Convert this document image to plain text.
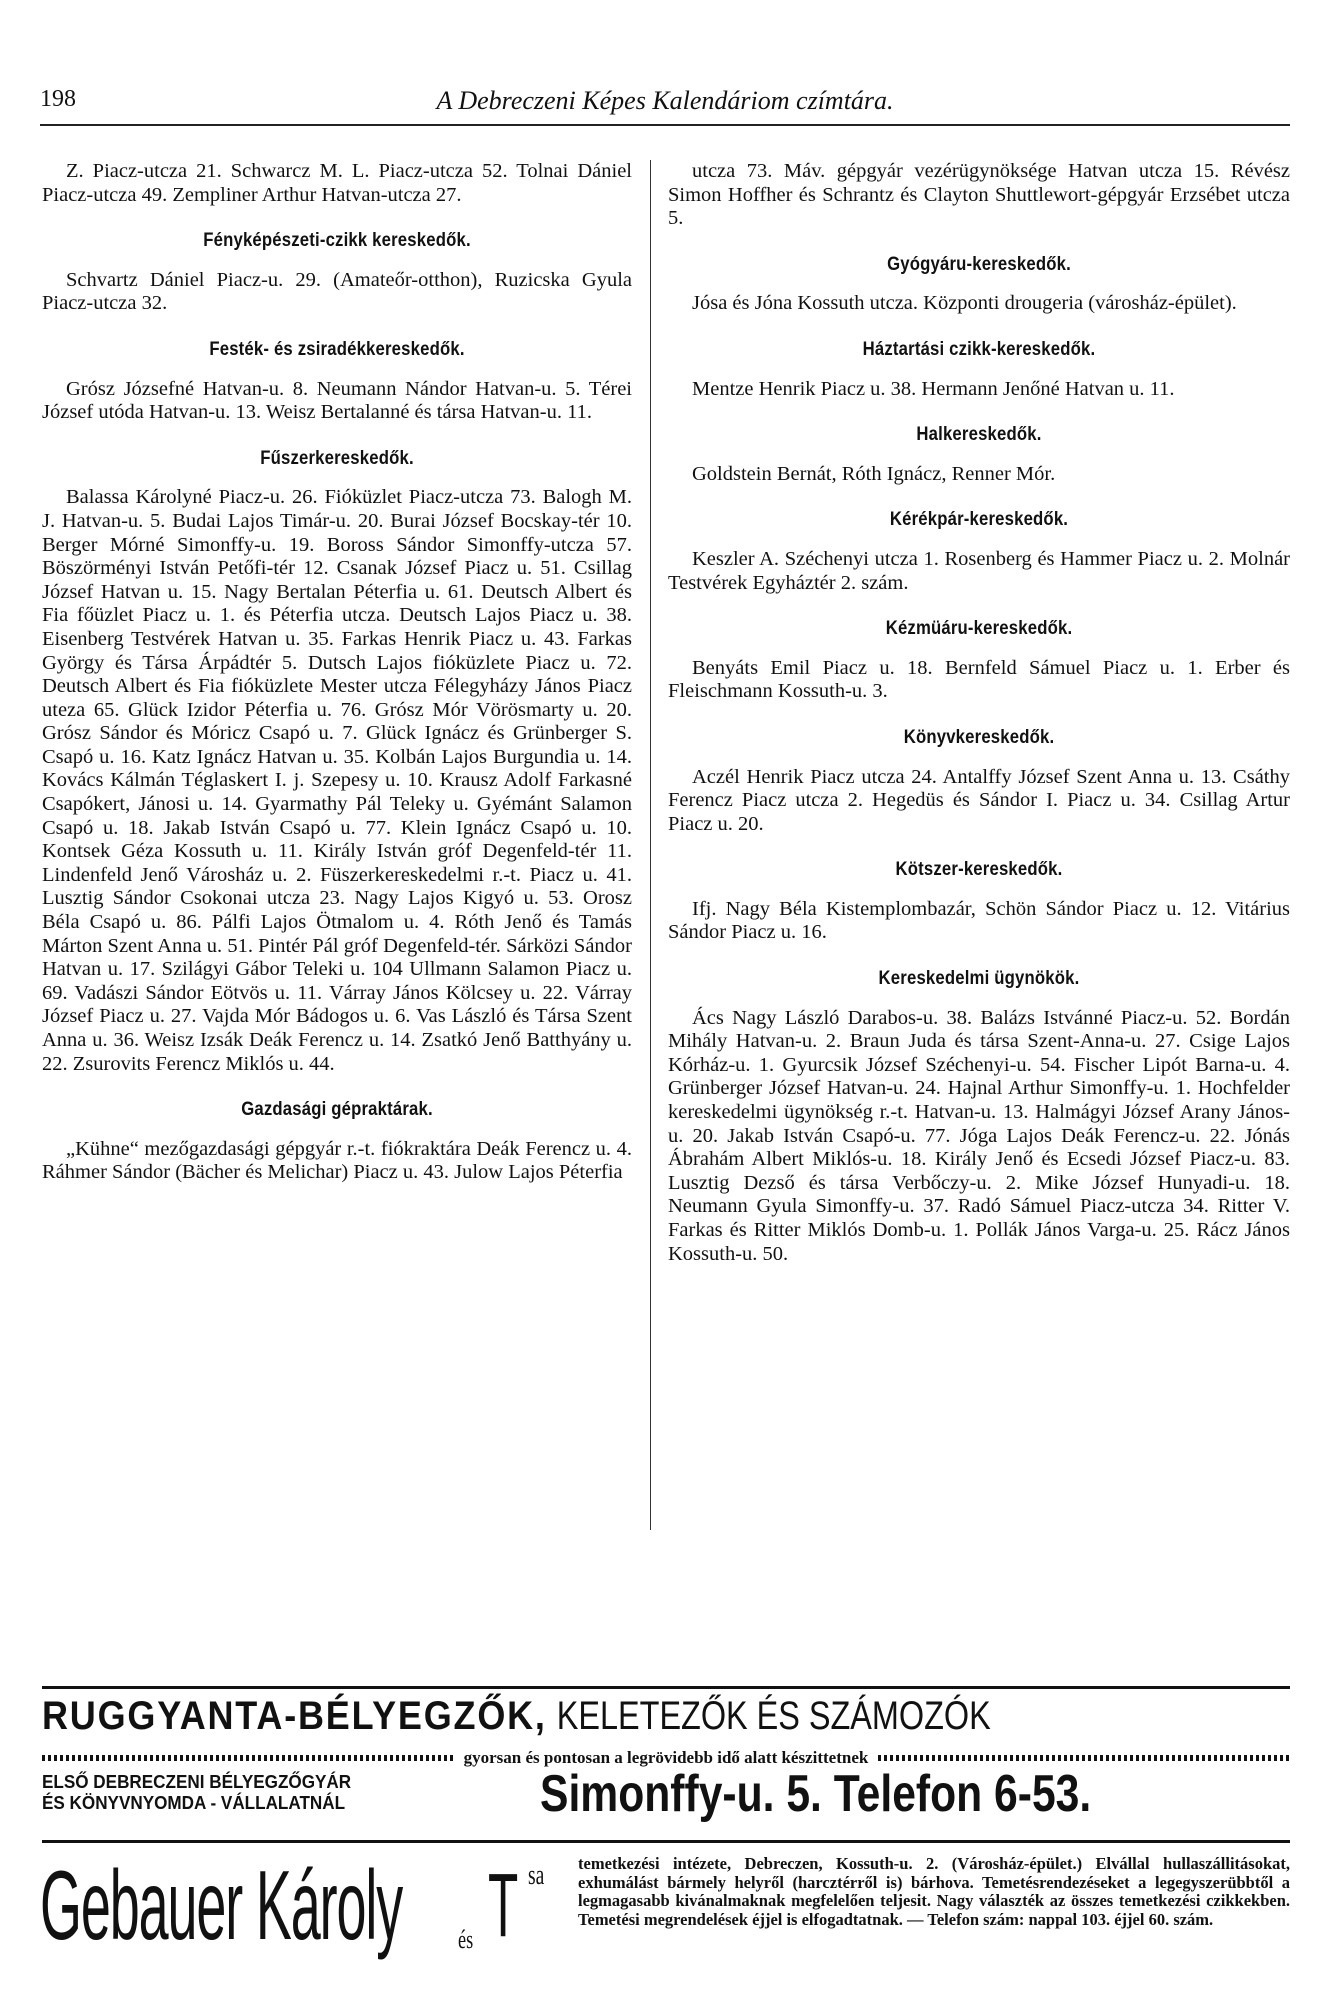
198	A Debreczeni Képes Kalendáriom czímtára.

Z. Piacz-utcza 21. Schwarcz M. L. Piacz-utcza 52. Tolnai Dániel Piacz-utcza 49. Zempliner Arthur Hatvan-utcza 27.

Fényképészeti-czikk kereskedők.

Schvartz Dániel Piacz-u. 29. (Amateőr-otthon), Ruzicska Gyula Piacz-utcza 32.

Festék- és zsiradékkereskedők.

Grósz Józsefné Hatvan-u. 8. Neumann Nándor Hatvan-u. 5. Térei József utóda Hatvan-u. 13. Weisz Bertalanné és társa Hatvan-u. 11.

Fűszerkereskedők.

Balassa Károlyné Piacz-u. 26. Fióküzlet Piacz-utcza 73. Balogh M. J. Hatvan-u. 5. Budai Lajos Timár-u. 20. Burai József Bocskay-tér 10. Berger Mórné Simonffy-u. 19. Boross Sándor Simonffy-utcza 57. Böszörményi István Petőfi-tér 12. Csanak József Piacz u. 51. Csillag József Hatvan u. 15. Nagy Bertalan Péterfia u. 61. Deutsch Albert és Fia főüzlet Piacz u. 1. és Péterfia utcza. Deutsch Lajos Piacz u. 38. Eisenberg Testvérek Hatvan u. 35. Farkas Henrik Piacz u. 43. Farkas György és Társa Árpádtér 5. Dutsch Lajos fióküzlete Piacz u. 72. Deutsch Albert és Fia fióküzlete Mester utcza Félegyházy János Piacz uteza 65. Glück Izidor Péterfia u. 76. Grósz Mór Vörösmarty u. 20. Grósz Sándor és Móricz Csapó u. 7. Glück Ignácz és Grünberger S. Csapó u. 16. Katz Ignácz Hatvan u. 35. Kolbán Lajos Burgundia u. 14. Kovács Kálmán Téglaskert I. j. Szepesy u. 10. Krausz Adolf Farkasné Csapókert, Jánosi u. 14. Gyarmathy Pál Teleky u. Gyémánt Salamon Csapó u. 18. Jakab István Csapó u. 77. Klein Ignácz Csapó u. 10. Kontsek Géza Kossuth u. 11. Király István gróf Degenfeld-tér 11. Lindenfeld Jenő Városház u. 2. Füszerkereskedelmi r.-t. Piacz u. 41. Lusztig Sándor Csokonai utcza 23. Nagy Lajos Kigyó u. 53. Orosz Béla Csapó u. 86. Pálfi Lajos Ötmalom u. 4. Róth Jenő és Tamás Márton Szent Anna u. 51. Pintér Pál gróf Degenfeld-tér. Sárközi Sándor Hatvan u. 17. Szilágyi Gábor Teleki u. 104 Ullmann Salamon Piacz u. 69. Vadászi Sándor Eötvös u. 11. Várray János Kölcsey u. 22. Várray József Piacz u. 27. Vajda Mór Bádogos u. 6. Vas László és Társa Szent Anna u. 36. Weisz Izsák Deák Ferencz u. 14. Zsatkó Jenő Batthyány u. 22. Zsurovits Ferencz Miklós u. 44.

Gazdasági gépraktárak.

„Kühne“ mezőgazdasági gépgyár r.-t. fiókraktára Deák Ferencz u. 4. Ráhmer Sándor (Bächer és Melichar) Piacz u. 43. Julow Lajos Péterfia

utcza 73. Máv. gépgyár vezérügynöksége Hatvan utcza 15. Révész Simon Hoffher és Schrantz és Clayton Shuttlewort-gépgyár Erzsébet utcza 5.

Gyógyáru-kereskedők.

Jósa és Jóna Kossuth utcza. Központi drougeria (városház-épület).

Háztartási czikk-kereskedők.

Mentze Henrik Piacz u. 38. Hermann Jenőné Hatvan u. 11.

Halkereskedők.

Goldstein Bernát, Róth Ignácz, Renner Mór.

Kérékpár-kereskedők.

Keszler A. Széchenyi utcza 1. Rosenberg és Hammer Piacz u. 2. Molnár Testvérek Egyháztér 2. szám.

Kézmüáru-kereskedők.

Benyáts Emil Piacz u. 18. Bernfeld Sámuel Piacz u. 1. Erber és Fleischmann Kossuth-u. 3.

Könyvkereskedők.

Aczél Henrik Piacz utcza 24. Antalffy József Szent Anna u. 13. Csáthy Ferencz Piacz utcza 2. Hegedüs és Sándor I. Piacz u. 34. Csillag Artur Piacz u. 20.

Kötszer-kereskedők.

Ifj. Nagy Béla Kistemplombazár, Schön Sándor Piacz u. 12. Vitárius Sándor Piacz u. 16.

Kereskedelmi ügynökök.

Ács Nagy László Darabos-u. 38. Balázs Istvánné Piacz-u. 52. Bordán Mihály Hatvan-u. 2. Braun Juda és társa Szent-Anna-u. 27. Csige Lajos Kórház-u. 1. Gyurcsik József Széchenyi-u. 54. Fischer Lipót Barna-u. 4. Grünberger József Hatvan-u. 24. Hajnal Arthur Simonffy-u. 1. Hochfelder kereskedelmi ügynökség r.-t. Hatvan-u. 13. Halmágyi József Arany János-u. 20. Jakab István Csapó-u. 77. Jóga Lajos Deák Ferencz-u. 22. Jónás Ábrahám Albert Miklós-u. 18. Király Jenő és Ecsedi József Piacz-u. 83. Lusztig Dezső és társa Verbőczy-u. 2. Mike József Hunyadi-u. 18. Neumann Gyula Simonffy-u. 37. Radó Sámuel Piacz-utcza 34. Ritter V. Farkas és Ritter Miklós Domb-u. 1. Pollák János Varga-u. 25. Rácz János Kossuth-u. 50.

RUGGYANTA-BÉLYEGZŐK, KELETEZŐK ÉS SZÁMOZÓK
gyorsan és pontosan a legrövidebb idő alatt készittetnek
ELSŐ DEBRECZENI BÉLYEGZŐGYÁR
ÉS KÖNYVNYOMDA - VÁLLALATNÁL	Simonffy-u. 5. Telefon 6-53.
Gebauer Károly és T sa temetkezési intézete, Debreczen, Kossuth-u. 2. (Városház-épület.) Elvállal hullaszállitásokat, exhumálást bármely helyről (harcztérről is) bárhova. Temetésrendezéseket a legegyszerübbtől a legmagasabb kivánalmaknak megfelelően teljesit. Nagy választék az összes temetkezési czikkekben. Temetési megrendelések éjjel is elfogadtatnak. — Telefon szám: nappal 103. éjjel 60. szám.
